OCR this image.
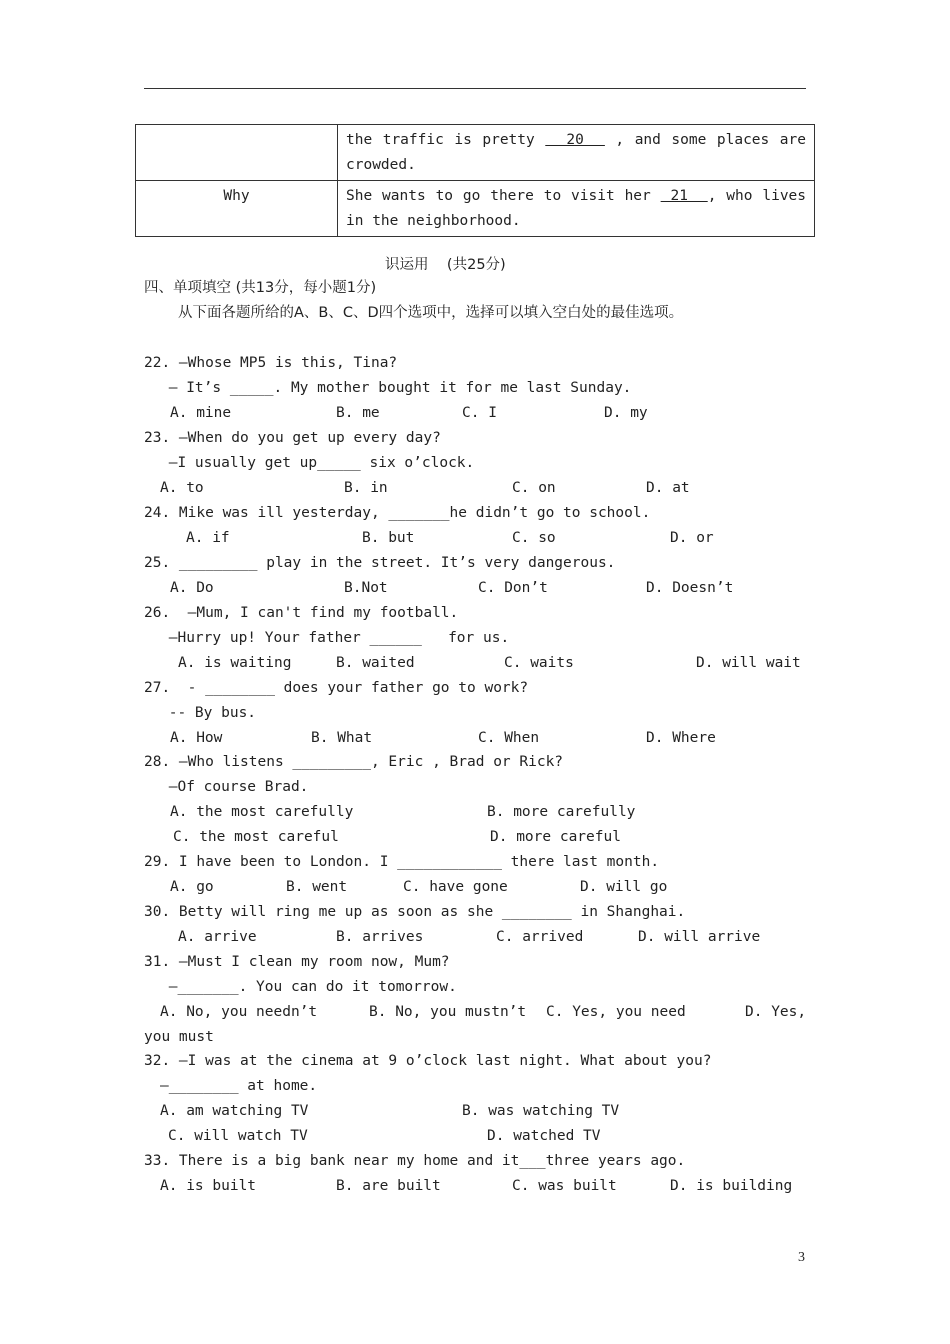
	the traffic is pretty   20   , and some places are crowded.
Why	She wants to go there to visit her  21  , who lives in the neighborhood.
识运用    (共25分)
四、单项填空 (共13分，每小题1分)
从下面各题所给的A、B、C、D四个选项中，选择可以填入空白处的最佳选项。
22. —Whose MP5 is this, Tina?
— It’s _____. My mother bought it for me last Sunday.
A. mine	B. me	C. I	D. my
23. —When do you get up every day?
—I usually get up_____ six o’clock.
A. to	B. in	C. on	D. at
24. Mike was ill yesterday, _______he didn’t go to school.
A. if	B. but	C. so	D. or
25. _________ play in the street. It’s very dangerous.
A. Do	B.Not	C. Don’t	D. Doesn’t
26.  —Mum, I can't find my football.
—Hurry up! Your father ______   for us.
A. is waiting	B. waited	C. waits	D. will wait
27.  - ________ does your father go to work?
-- By bus.
A. How	B. What	C. When	D. Where
28. —Who listens _________, Eric , Brad or Rick?
—Of course Brad.
A. the most carefully	B. more carefully
C. the most careful	D. more careful
29. I have been to London. I ____________ there last month.
A. go	B. went	C. have gone	D. will go
30. Betty will ring me up as soon as she ________ in Shanghai.
A. arrive	B. arrives	C. arrived	D. will arrive
31. —Must I clean my room now, Mum?
—_______. You can do it tomorrow.
A. No, you needn’t	B. No, you mustn’t C. Yes, you need	D. Yes,
you must
32. —I was at the cinema at 9 o’clock last night. What about you?
—________ at home.
A. am watching TV	B. was watching TV
C. will watch TV	D. watched TV
33. There is a big bank near my home and it___three years ago.
A. is built	B. are built	C. was built	D. is building
3
